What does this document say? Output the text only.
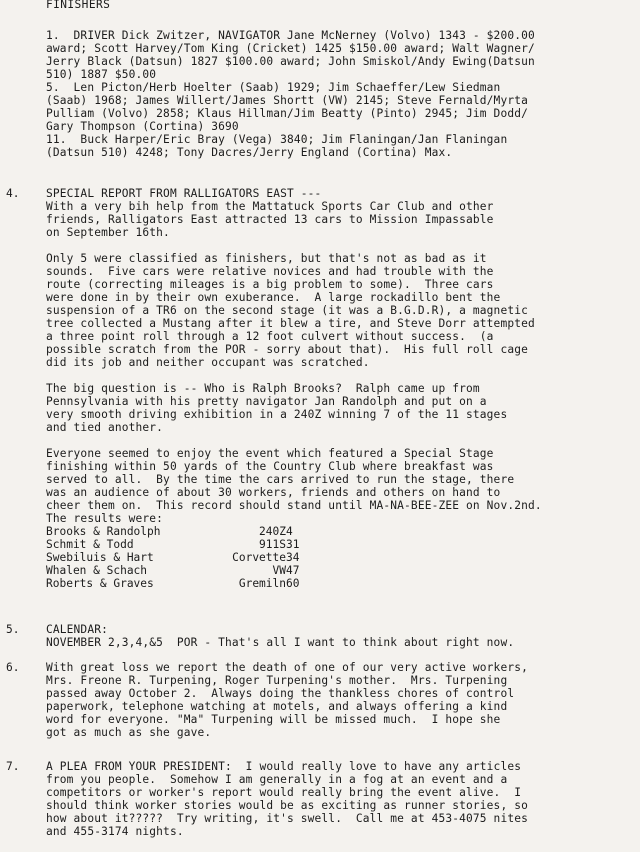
FINISHERS
1.  DRIVER Dick Zwitzer, NAVIGATOR Jane McNerney (Volvo) 1343 - $200.00
award; Scott Harvey/Tom King (Cricket) 1425 $150.00 award; Walt Wagner/
Jerry Black (Datsun) 1827 $100.00 award; John Smiskol/Andy Ewing(Datsun
510) 1887 $50.00
5.  Len Picton/Herb Hoelter (Saab) 1929; Jim Schaeffer/Lew Siedman
(Saab) 1968; James Willert/James Shortt (VW) 2145; Steve Fernald/Myrta
Pulliam (Volvo) 2858; Klaus Hillman/Jim Beatty (Pinto) 2945; Jim Dodd/
Gary Thompson (Cortina) 3690
11.  Buck Harper/Eric Bray (Vega) 3840; Jim Flaningan/Jan Flaningan
(Datsun 510) 4248; Tony Dacres/Jerry England (Cortina) Max.
4.	SPECIAL REPORT FROM RALLIGATORS EAST ---
With a very bih help from the Mattatuck Sports Car Club and other
friends, Ralligators East attracted 13 cars to Mission Impassable
on September 16th.
Only 5 were classified as finishers, but that's not as bad as it
sounds.  Five cars were relative novices and had trouble with the
route (correcting mileages is a big problem to some).  Three cars
were done in by their own exuberance.  A large rockadillo bent the
suspension of a TR6 on the second stage (it was a B.G.D.R), a magnetic
tree collected a Mustang after it blew a tire, and Steve Dorr attempted
a three point roll through a 12 foot culvert without success.  (a
possible scratch from the POR - sorry about that).  His full roll cage
did its job and neither occupant was scratched.
The big question is -- Who is Ralph Brooks?  Ralph came up from
Pennsylvania with his pretty navigator Jan Randolph and put on a
very smooth driving exhibition in a 240Z winning 7 of the 11 stages
and tied another.
Everyone seemed to enjoy the event which featured a Special Stage
finishing within 50 yards of the Country Club where breakfast was
served to all.  By the time the cars arrived to run the stage, there
was an audience of about 30 workers, friends and others on hand to
cheer them on.  This record should stand until MA-NA-BEE-ZEE on Nov.2nd.
The results were:
Brooks & Randolph	240Z	4
Schmit & Todd	911S	31
Swebiluis & Hart	Corvette	34
Whalen & Schach	VW	47
Roberts & Graves	Gremiln	60
5.	CALENDAR:
NOVEMBER 2,3,4,&5  POR - That's all I want to think about right now.
6.	With great loss we report the death of one of our very active workers,
Mrs. Freone R. Turpening, Roger Turpening's mother.  Mrs. Turpening
passed away October 2.  Always doing the thankless chores of control
paperwork, telephone watching at motels, and always offering a kind
word for everyone. "Ma" Turpening will be missed much.  I hope she
got as much as she gave.
7.	A PLEA FROM YOUR PRESIDENT:  I would really love to have any articles
from you people.  Somehow I am generally in a fog at an event and a
competitors or worker's report would really bring the event alive.  I
should think worker stories would be as exciting as runner stories, so
how about it?????  Try writing, it's swell.  Call me at 453-4075 nites
and 455-3174 nights.
